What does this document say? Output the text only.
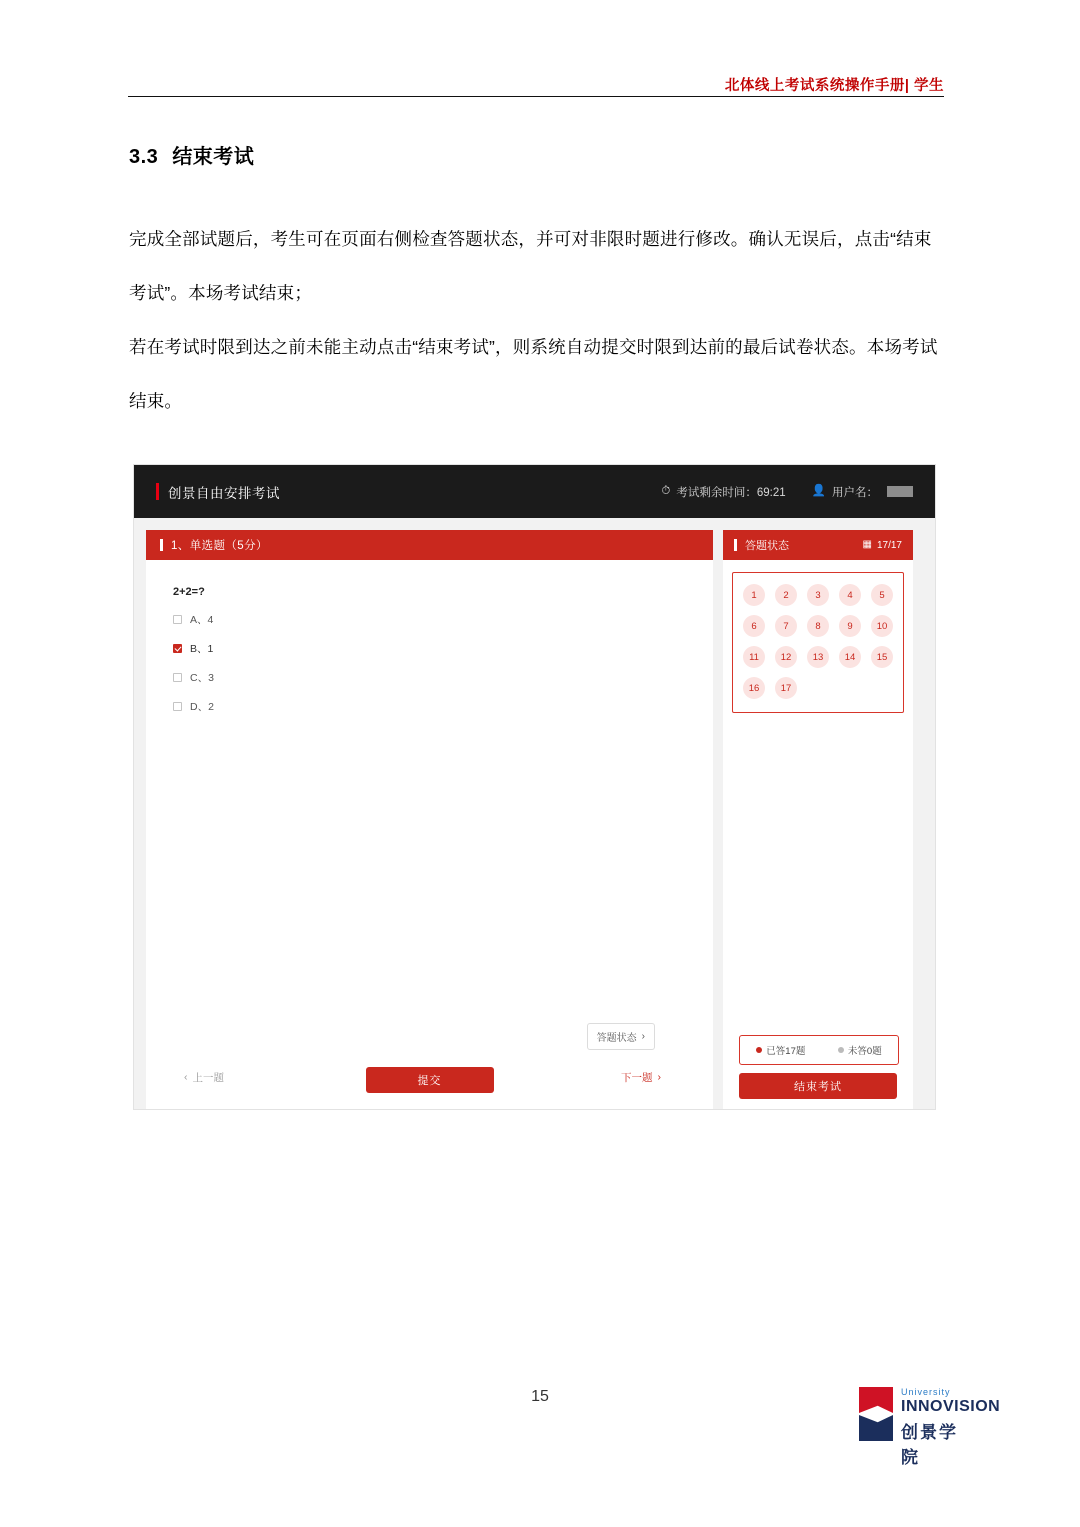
北体线上考试系统操作手册| 学生
3.3 结束考试
完成全部试题后，考生可在页面右侧检查答题状态，并可对非限时题进行修改。确认无误后，点击“结束考试”。本场考试结束；
若在考试时限到达之前未能主动点击“结束考试”，则系统自动提交时限到达前的最后试卷状态。本场考试结束。
创景自由安排考试	⏱ 考试剩余时间：69:21 👤 用户名：
1、单选题（5分）
2+2=?
A、4
B、1
C、3
D、2
答题状态 ›
‹ 上一题	提交	下一题 ›
答题状态	▦ 17/17
1	2	3	4	5
6	7	8	9	10
11	12	13	14	15
16	17
已答17题	未答0题
结束考试
15	University
INNOVISION
创景学院
